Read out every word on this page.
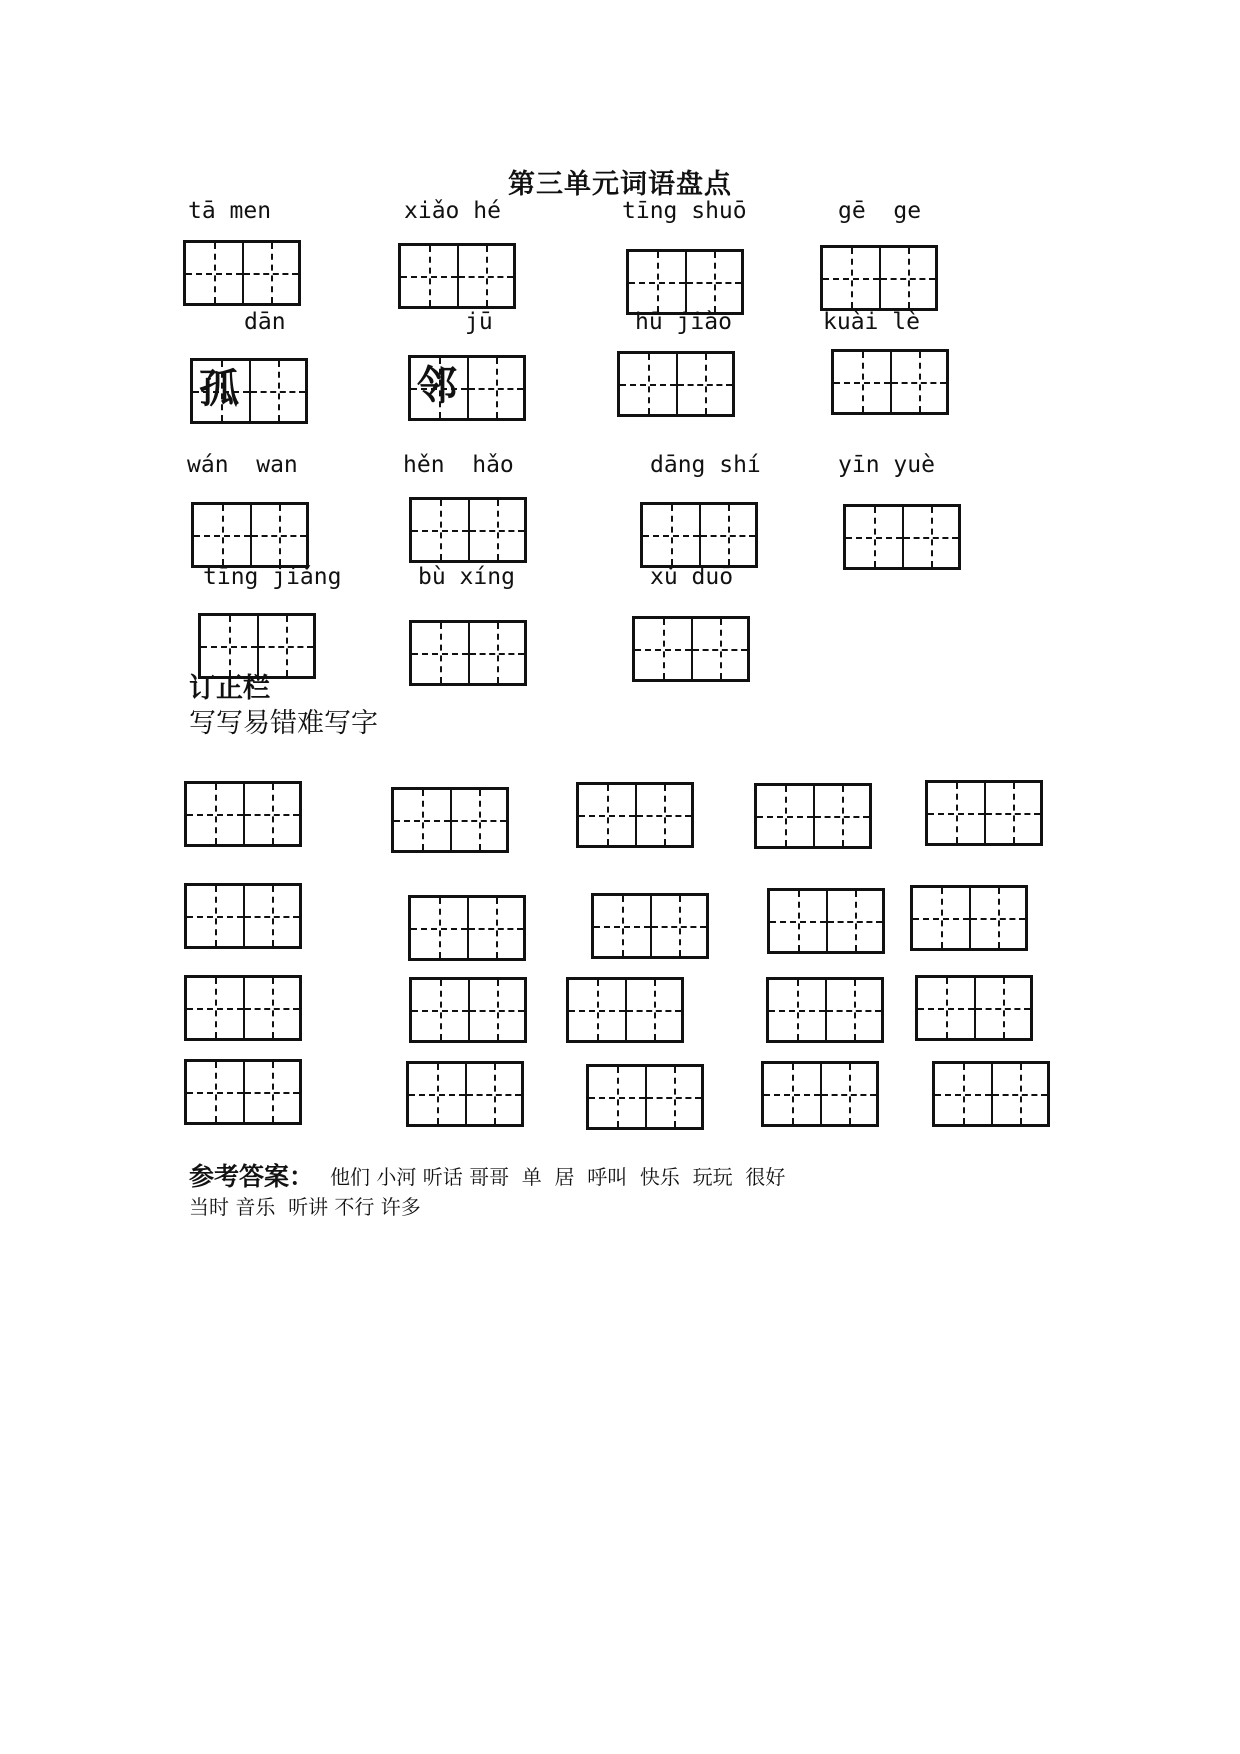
第三单元词语盘点
tā men	xiǎo hé	tīng shuō	gē  ge
dān	jū	hū jiào	kuài lè
孤	邻
wán  wan	hěn  hǎo	dāng shí	yīn yuè
tīng jiǎng	bù xíng	xǔ duō
订正栏
写写易错难写字
参考答案： 他们 小河 听话 哥哥  单  居  呼叫  快乐  玩玩  很好
当时 音乐  听讲 不行 许多
